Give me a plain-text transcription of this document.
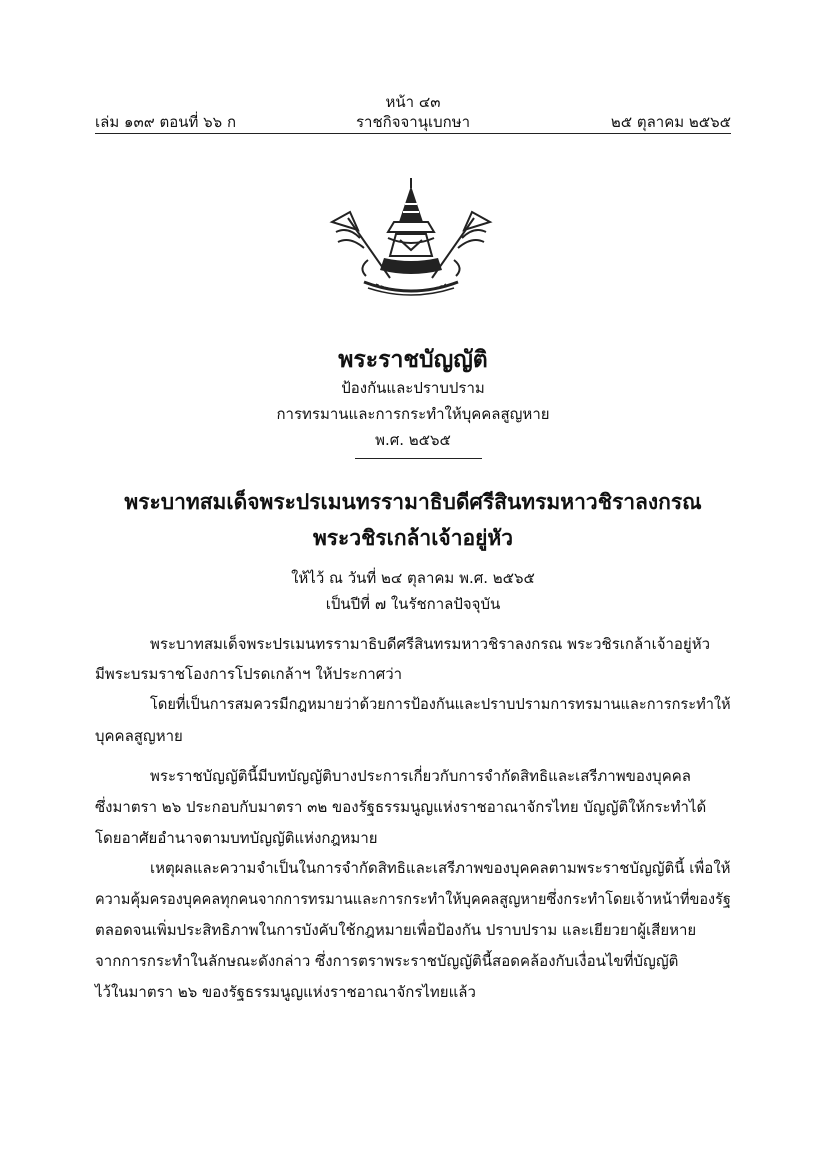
หน้า ๔๓
เล่ม ๑๓๙ ตอนที่ ๖๖ ก	ราชกิจจานุเบกษา	๒๕ ตุลาคม ๒๕๖๕
พระราชบัญญัติ
ป้องกันและปราบปราม
การทรมานและการกระทำให้บุคคลสูญหาย
พ.ศ. ๒๕๖๕
พระบาทสมเด็จพระปรเมนทรรามาธิบดีศรีสินทรมหาวชิราลงกรณ
พระวชิรเกล้าเจ้าอยู่หัว
ให้ไว้ ณ วันที่ ๒๔ ตุลาคม พ.ศ. ๒๕๖๕
เป็นปีที่ ๗ ในรัชกาลปัจจุบัน
พระบาทสมเด็จพระปรเมนทรรามาธิบดีศรีสินทรมหาวชิราลงกรณ พระวชิรเกล้าเจ้าอยู่หัว
มีพระบรมราชโองการโปรดเกล้าฯ ให้ประกาศว่า
โดยที่เป็นการสมควรมีกฎหมายว่าด้วยการป้องกันและปราบปรามการทรมานและการกระทำให้
บุคคลสูญหาย
พระราชบัญญัตินี้มีบทบัญญัติบางประการเกี่ยวกับการจำกัดสิทธิและเสรีภาพของบุคคล
ซึ่งมาตรา ๒๖ ประกอบกับมาตรา ๓๒ ของรัฐธรรมนูญแห่งราชอาณาจักรไทย บัญญัติให้กระทำได้
โดยอาศัยอำนาจตามบทบัญญัติแห่งกฎหมาย
เหตุผลและความจำเป็นในการจำกัดสิทธิและเสรีภาพของบุคคลตามพระราชบัญญัตินี้ เพื่อให้
ความคุ้มครองบุคคลทุกคนจากการทรมานและการกระทำให้บุคคลสูญหายซึ่งกระทำโดยเจ้าหน้าที่ของรัฐ
ตลอดจนเพิ่มประสิทธิภาพในการบังคับใช้กฎหมายเพื่อป้องกัน ปราบปราม และเยียวยาผู้เสียหาย
จากการกระทำในลักษณะดังกล่าว ซึ่งการตราพระราชบัญญัตินี้สอดคล้องกับเงื่อนไขที่บัญญัติ
ไว้ในมาตรา ๒๖ ของรัฐธรรมนูญแห่งราชอาณาจักรไทยแล้ว
